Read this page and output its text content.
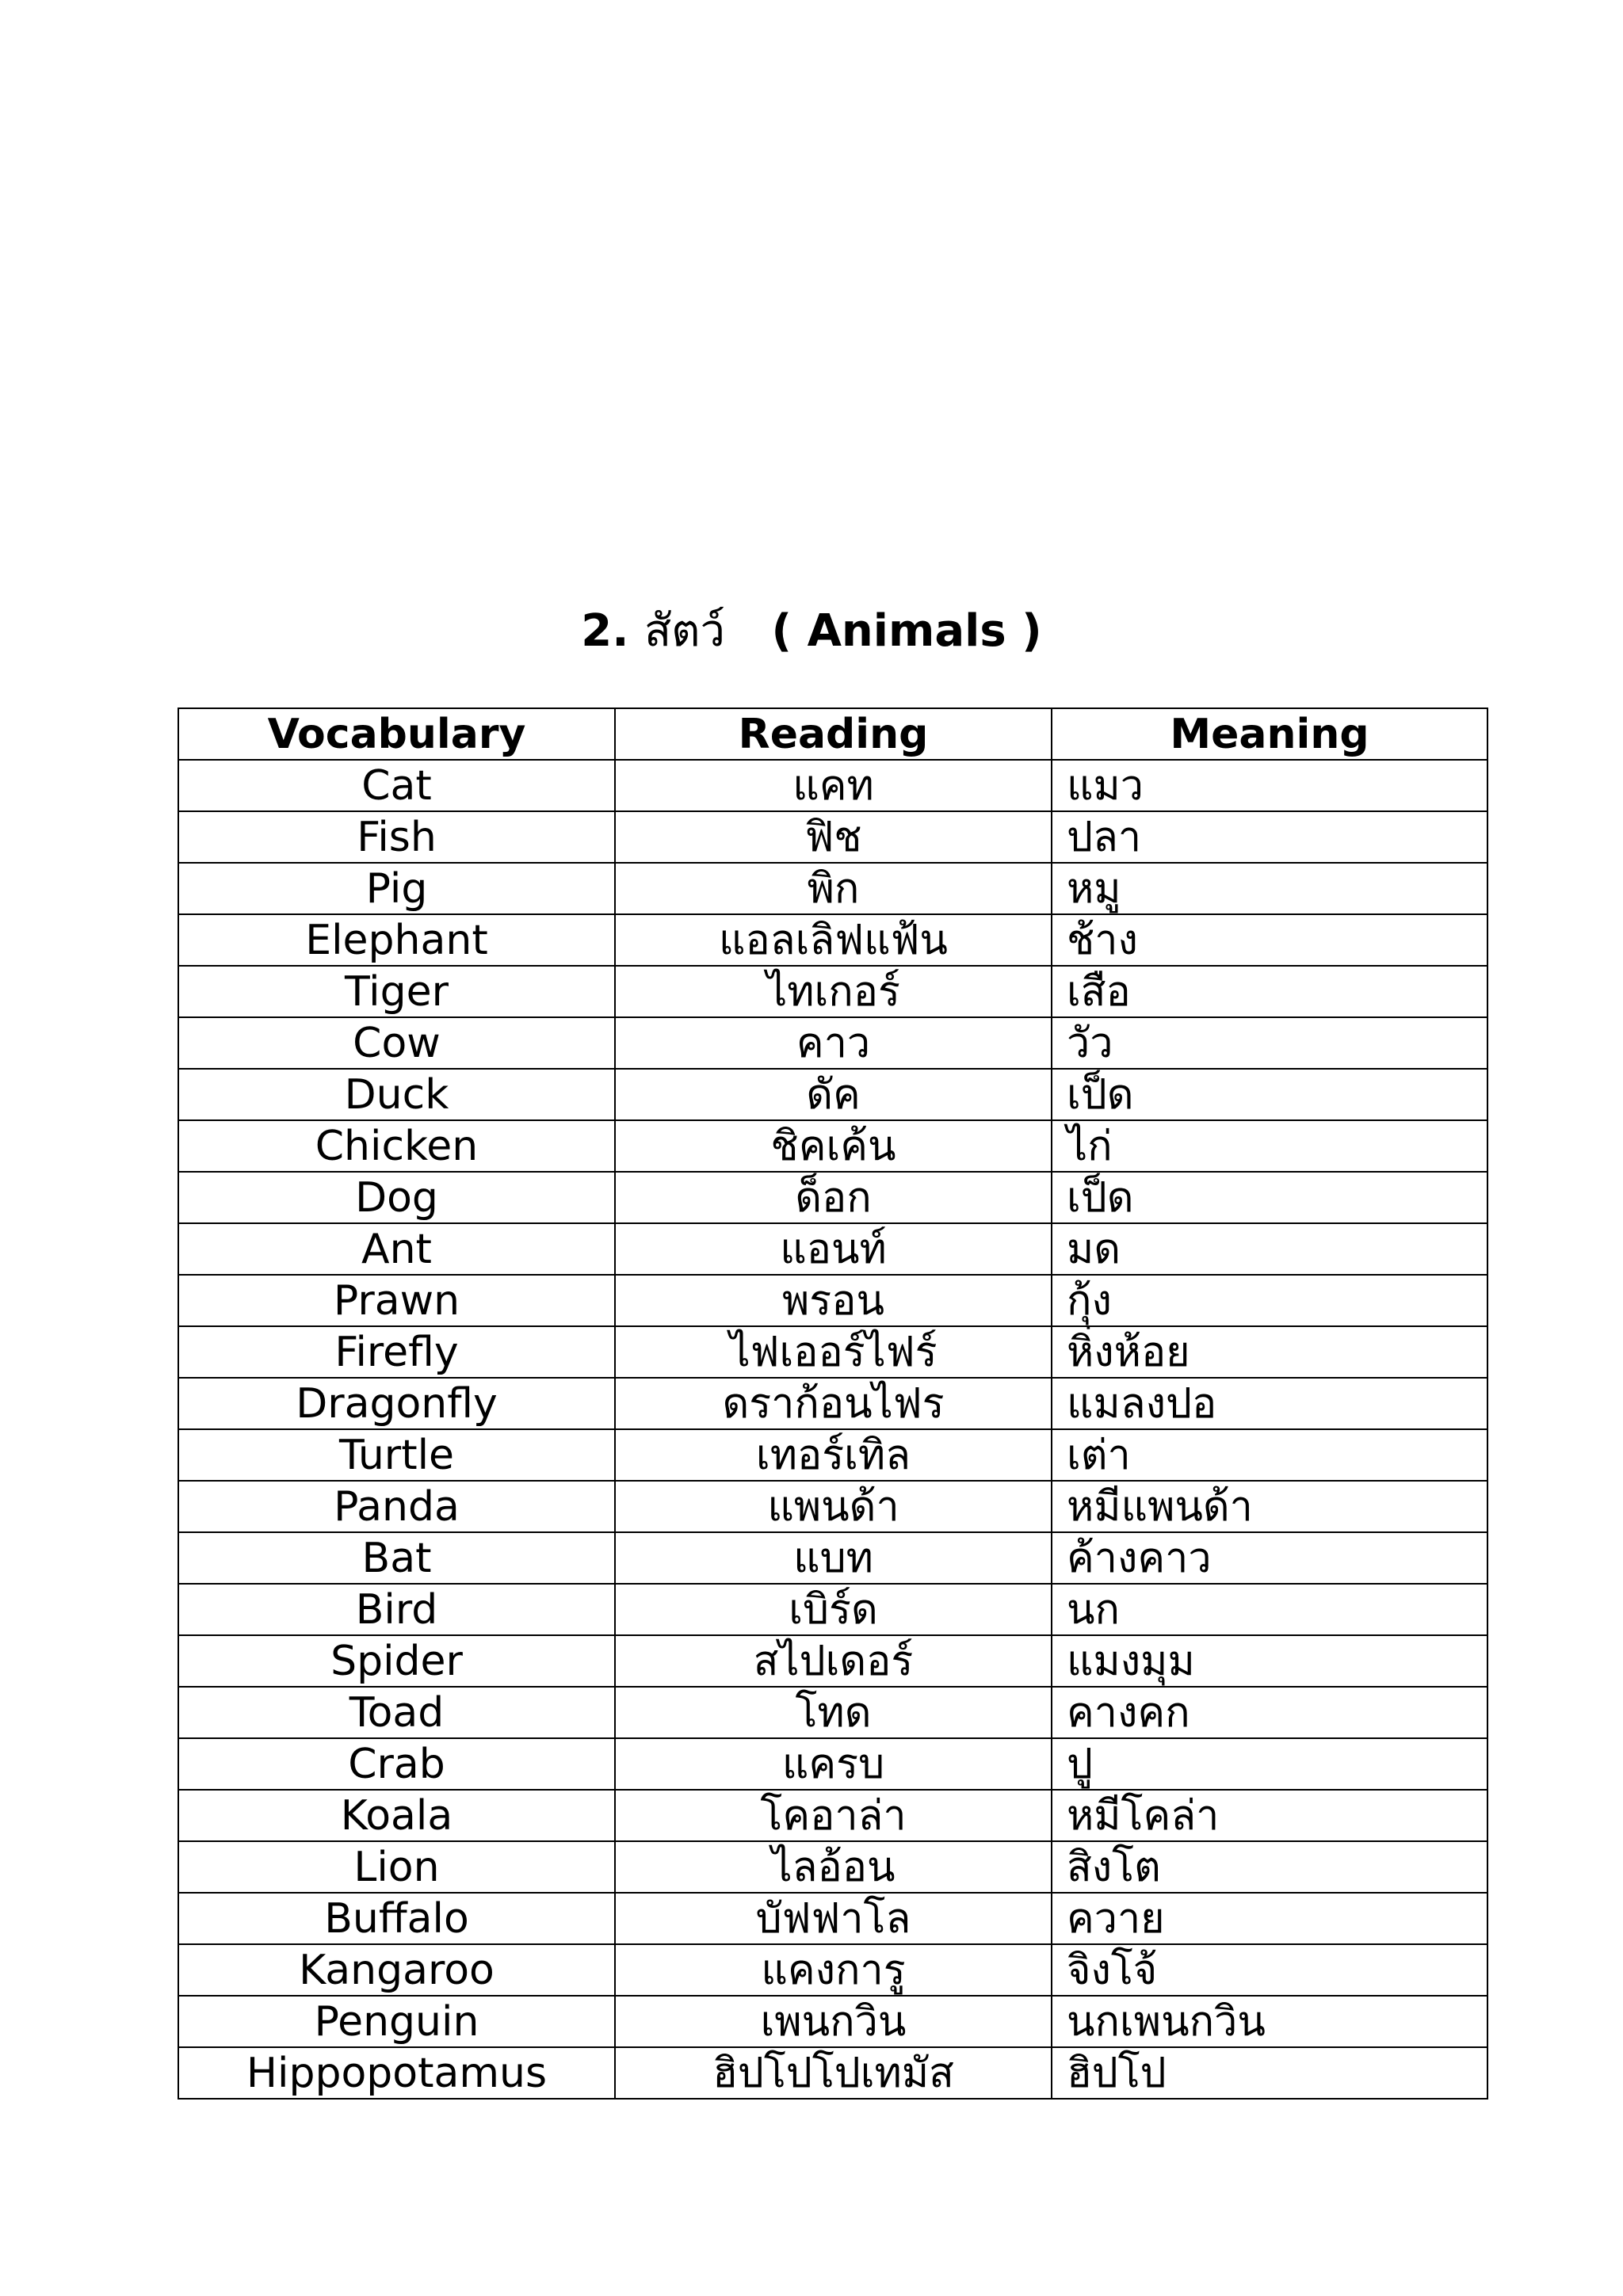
2. สัตว์ ( Animals )
Vocabulary	Reading	Meaning
Cat	แคท	แมว
Fish	ฟิช	ปลา
Pig	พิก	หมู
Elephant	แอลเลิฟแฟ้น	ช้าง
Tiger	ไทเกอร์	เสือ
Cow	คาว	วัว
Duck	ดัค	เป็ด
Chicken	ชิคเค้น	ไก่
Dog	ด็อก	เป็ด
Ant	แอนท์	มด
Prawn	พรอน	กุ้ง
Firefly	ไฟเออร์ไฟร์	หิ่งห้อย
Dragonfly	ดราก้อนไฟร	แมลงปอ
Turtle	เทอร์เทิล	เต่า
Panda	แพนด้า	หมีแพนด้า
Bat	แบท	ค้างคาว
Bird	เบิร์ด	นก
Spider	สไปเดอร์	แมงมุม
Toad	โทด	คางคก
Crab	แครบ	ปู
Koala	โคอาล่า	หมีโคล่า
Lion	ไลอ้อน	สิงโต
Buffalo	บัฟฟาโล	ควาย
Kangaroo	แคงการู	จิงโจ้
Penguin	เพนกวิน	นกเพนกวิน
Hippopotamus	ฮิปโปโปเทมัส	ฮิปโป
